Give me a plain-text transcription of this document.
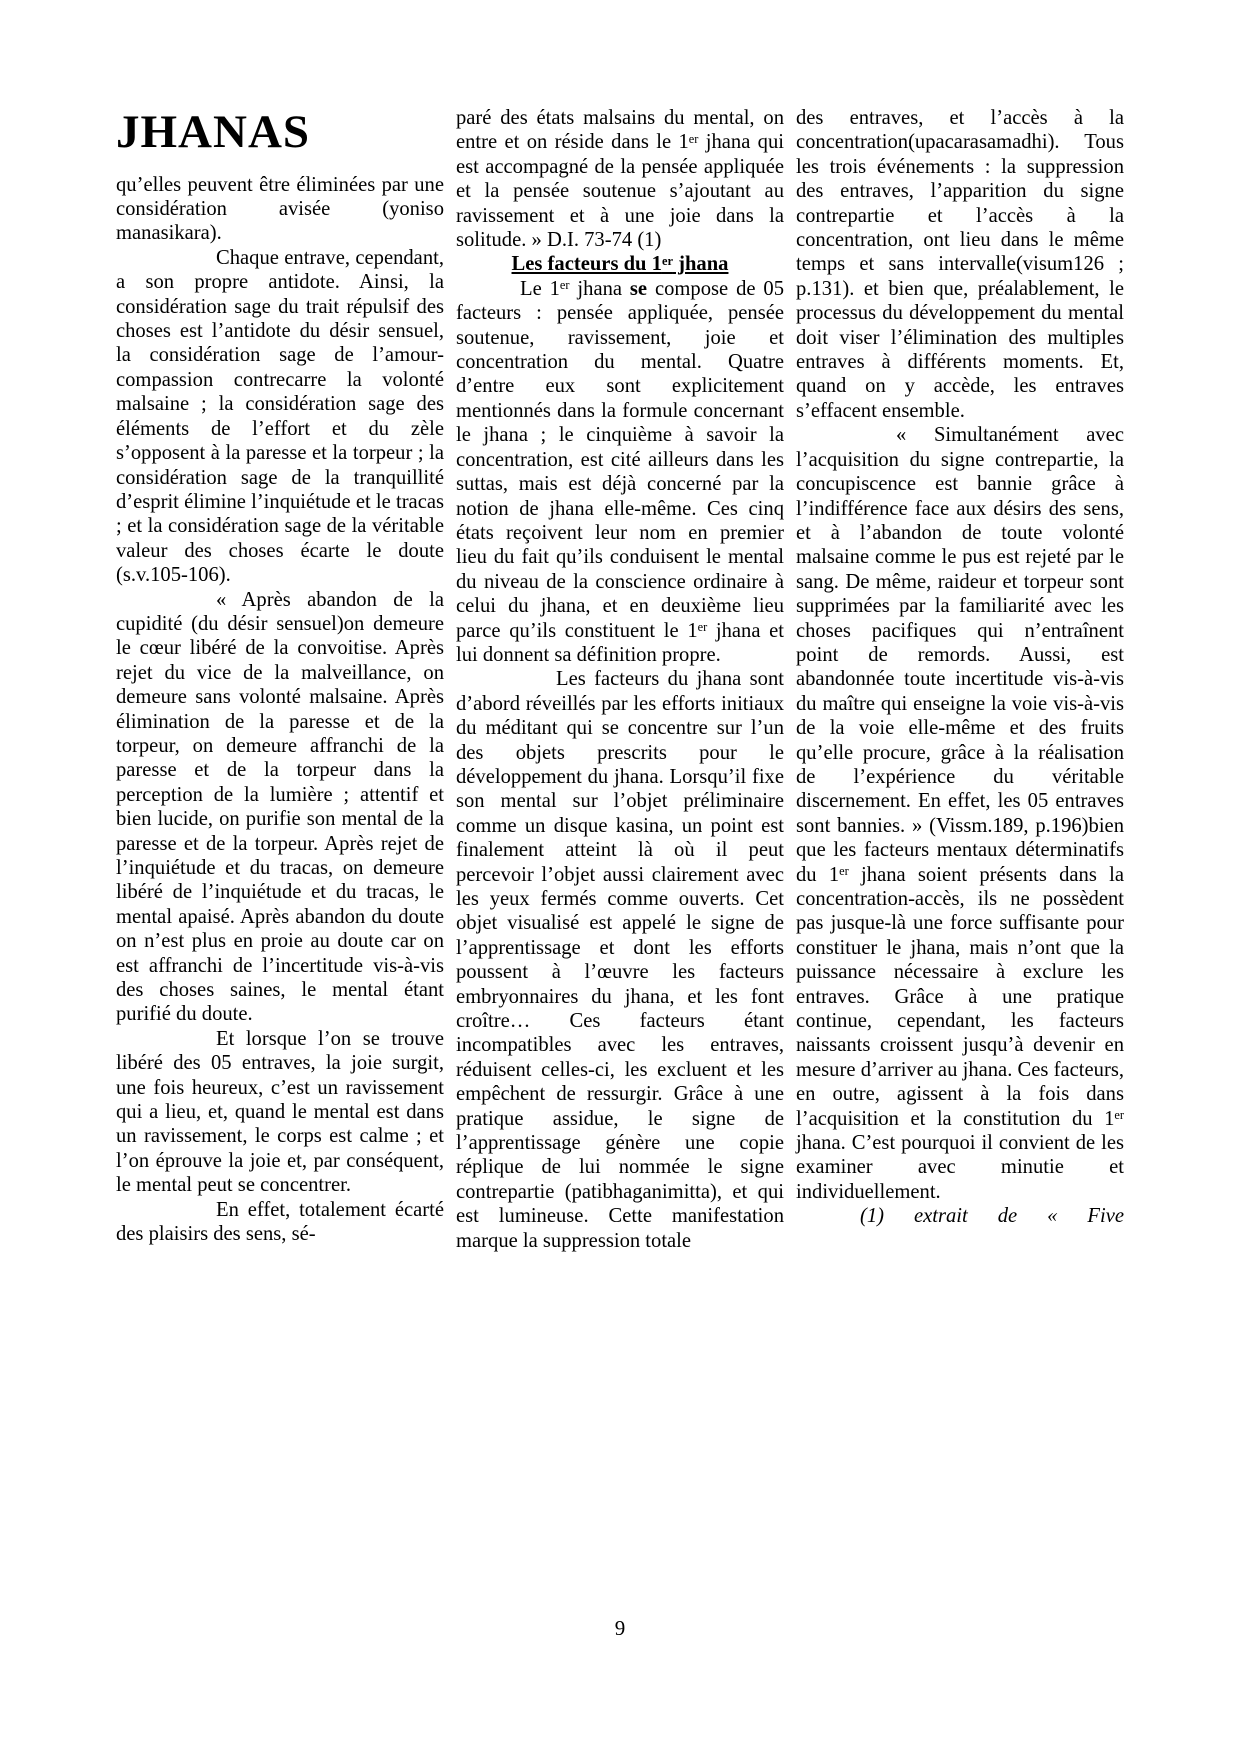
JHANAS

qu’elles peuvent être éliminées par une considération avisée (yoniso manasikara).

Chaque entrave, cependant, a son propre antidote. Ainsi, la considération sage du trait répulsif des choses est l’antidote du désir sensuel, la considération sage de l’amour-compassion contrecarre la volonté malsaine ; la considération sage des éléments de l’effort et du zèle s’opposent à la paresse et la torpeur ; la considération sage de la tranquillité d’esprit élimine l’inquiétude et le tracas ; et la considération sage de la véritable valeur des choses écarte le doute (s.v.105-106).

« Après abandon de la cupidité (du désir sensuel)on demeure le cœur libéré de la convoitise. Après rejet du vice de la malveillance, on demeure sans volonté malsaine. Après élimination de la paresse et de la torpeur, on demeure affranchi de la paresse et de la torpeur dans la perception de la lumière ; attentif et bien lucide, on purifie son mental de la paresse et de la torpeur. Après rejet de l’inquiétude et du tracas, on demeure libéré de l’inquiétude et du tracas, le mental apaisé. Après abandon du doute on n’est plus en proie au doute car on est affranchi de l’incertitude vis-à-vis des choses saines, le mental étant purifié du doute.

Et lorsque l’on se trouve libéré des 05 entraves, la joie surgit, une fois heureux, c’est un ravissement qui a lieu, et, quand le mental est dans un ravissement, le corps est calme ; et l’on éprouve la joie et, par conséquent, le mental peut se concentrer.

En effet, totalement écarté des plaisirs des sens, sé-

paré des états malsains du mental, on entre et on réside dans le 1er jhana qui est accompagné de la pensée appliquée et la pensée soutenue s’ajoutant au ravissement et à une joie dans la solitude. » D.I. 73-74 (1)

Les facteurs du 1er jhana

Le 1er jhana se compose de 05 facteurs : pensée appliquée, pensée soutenue, ravissement, joie et concentration du mental. Quatre d’entre eux sont explicitement mentionnés dans la formule concernant le jhana ; le cinquième à savoir la concentration, est cité ailleurs dans les suttas, mais est déjà concerné par la notion de jhana elle-même. Ces cinq états reçoivent leur nom en premier lieu du fait qu’ils conduisent le mental du niveau de la conscience ordinaire à celui du jhana, et en deuxième lieu parce qu’ils constituent le 1er jhana et lui donnent sa définition propre.

Les facteurs du jhana sont d’abord réveillés par les efforts initiaux du méditant qui se concentre sur l’un des objets prescrits pour le développement du jhana. Lorsqu’il fixe son mental sur l’objet préliminaire comme un disque kasina, un point est finalement atteint là où il peut percevoir l’objet aussi clairement avec les yeux fermés comme ouverts. Cet objet visualisé est appelé le signe de l’apprentissage et dont les efforts poussent à l’œuvre les facteurs embryonnaires du jhana, et les font croître… Ces facteurs étant incompatibles avec les entraves, réduisent celles-ci, les excluent et les empêchent de ressurgir. Grâce à une pratique assidue, le signe de l’apprentissage génère une copie réplique de lui nommée le signe contrepartie (patibhaganimitta), et qui est lumineuse. Cette manifestation marque la suppression totale

des entraves, et l’accès à la concentration(upacarasamadhi). Tous les trois événements : la suppression des entraves, l’apparition du signe contrepartie et l’accès à la concentration, ont lieu dans le même temps et sans intervalle(visum126 ; p.131). et bien que, préalablement, le processus du développement du mental doit viser l’élimination des multiples entraves à différents moments. Et, quand on y accède, les entraves s’effacent ensemble.

« Simultanément avec l’acquisition du signe contrepartie, la concupiscence est bannie grâce à l’indifférence face aux désirs des sens, et à l’abandon de toute volonté malsaine comme le pus est rejeté par le sang. De même, raideur et torpeur sont supprimées par la familiarité avec les choses pacifiques qui n’entraînent point de remords. Aussi, est abandonnée toute incertitude vis-à-vis du maître qui enseigne la voie vis-à-vis de la voie elle-même et des fruits qu’elle procure, grâce à la réalisation de l’expérience du véritable discernement. En effet, les 05 entraves sont bannies. » (Vissm.189, p.196)bien que les facteurs mentaux déterminatifs du 1er jhana soient présents dans la concentration-accès, ils ne possèdent pas jusque-là une force suffisante pour constituer le jhana, mais n’ont que la puissance nécessaire à exclure les entraves. Grâce à une pratique continue, cependant, les facteurs naissants croissent jusqu’à devenir en mesure d’arriver au jhana. Ces facteurs, en outre, agissent à la fois dans l’acquisition et la constitution du 1er jhana. C’est pourquoi il convient de les examiner avec minutie et individuellement.

(1) extrait de « Five

9
